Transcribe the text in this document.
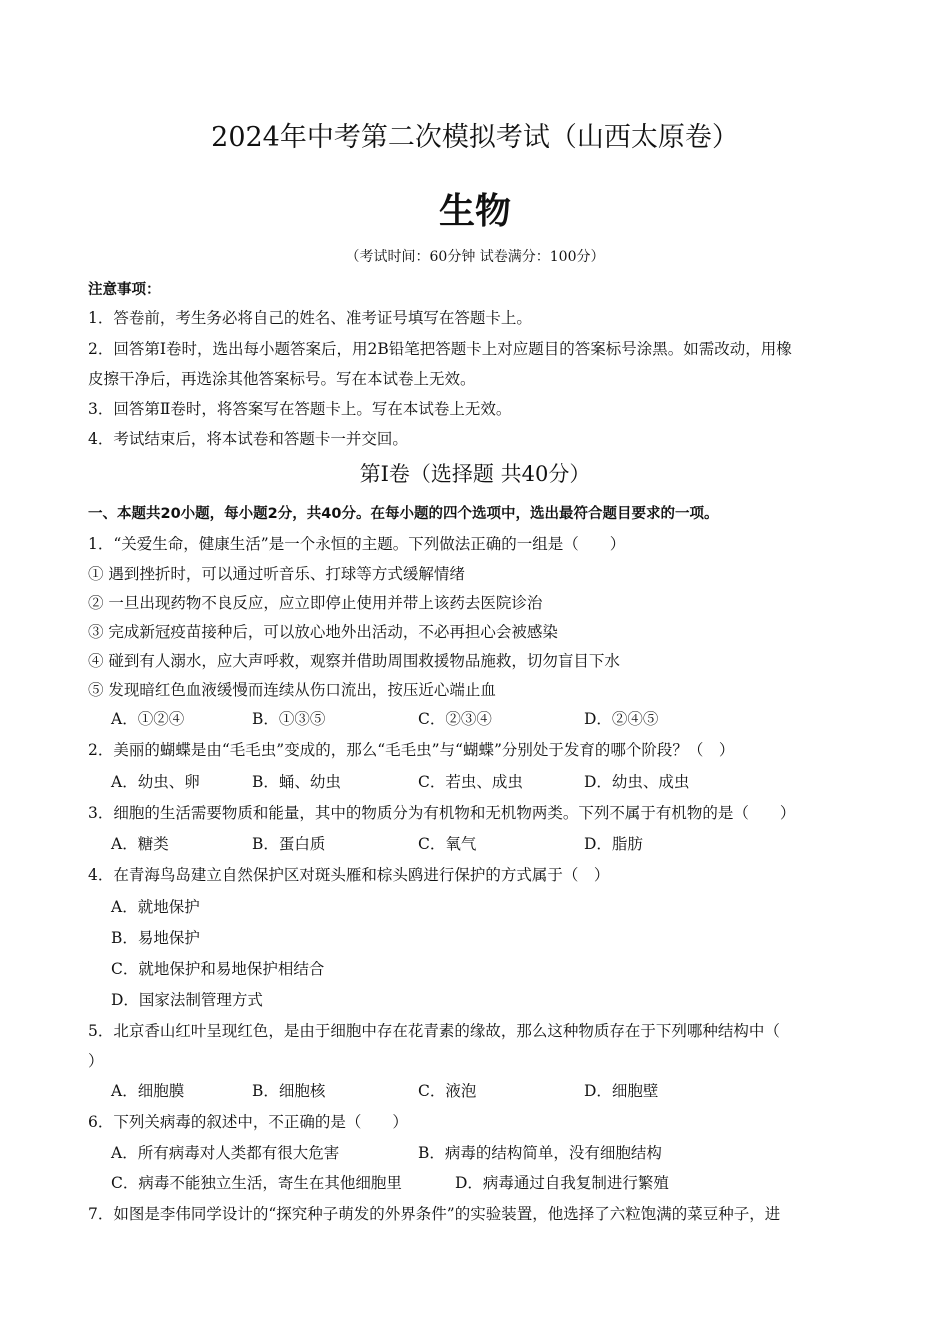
2024年中考第二次模拟考试（山西太原卷）
生物
（考试时间：60分钟 试卷满分：100分）
注意事项：
1．答卷前，考生务必将自己的姓名、准考证号填写在答题卡上。
2．回答第Ⅰ卷时，选出每小题答案后，用2B铅笔把答题卡上对应题目的答案标号涂黑。如需改动，用橡
皮擦干净后，再选涂其他答案标号。写在本试卷上无效。
3．回答第Ⅱ卷时，将答案写在答题卡上。写在本试卷上无效。
4．考试结束后，将本试卷和答题卡一并交回。
第Ⅰ卷（选择题 共40分）
一、本题共20小题，每小题2分，共40分。在每小题的四个选项中，选出最符合题目要求的一项。
1．“关爱生命，健康生活”是一个永恒的主题。下列做法正确的一组是（　　）
① 遇到挫折时，可以通过听音乐、打球等方式缓解情绪
② 一旦出现药物不良反应，应立即停止使用并带上该药去医院诊治
③ 完成新冠疫苗接种后，可以放心地外出活动，不必再担心会被感染
④ 碰到有人溺水，应大声呼救，观察并借助周围救援物品施救，切勿盲目下水
⑤ 发现暗红色血液缓慢而连续从伤口流出，按压近心端止血
A．①②④	B．①③⑤	C．②③④	D．②④⑤
2．美丽的蝴蝶是由“毛毛虫”变成的，那么“毛毛虫”与“蝴蝶”分别处于发育的哪个阶段？（　）
A．幼虫、卵	B．蛹、幼虫	C．若虫、成虫	D．幼虫、成虫
3．细胞的生活需要物质和能量，其中的物质分为有机物和无机物两类。下列不属于有机物的是（　　）
A．糖类	B．蛋白质	C．氧气	D．脂肪
4．在青海鸟岛建立自然保护区对斑头雁和棕头鸥进行保护的方式属于（　）
A．就地保护
B．易地保护
C．就地保护和易地保护相结合
D．国家法制管理方式
5．北京香山红叶呈现红色，是由于细胞中存在花青素的缘故，那么这种物质存在于下列哪种结构中（
）
A．细胞膜	B．细胞核	C．液泡	D．细胞壁
6．下列关病毒的叙述中，不正确的是（　　）
A．所有病毒对人类都有很大危害	B．病毒的结构简单，没有细胞结构
C．病毒不能独立生活，寄生在其他细胞里	D．病毒通过自我复制进行繁殖
7．如图是李伟同学设计的“探究种子萌发的外界条件”的实验装置，他选择了六粒饱满的菜豆种子，进
